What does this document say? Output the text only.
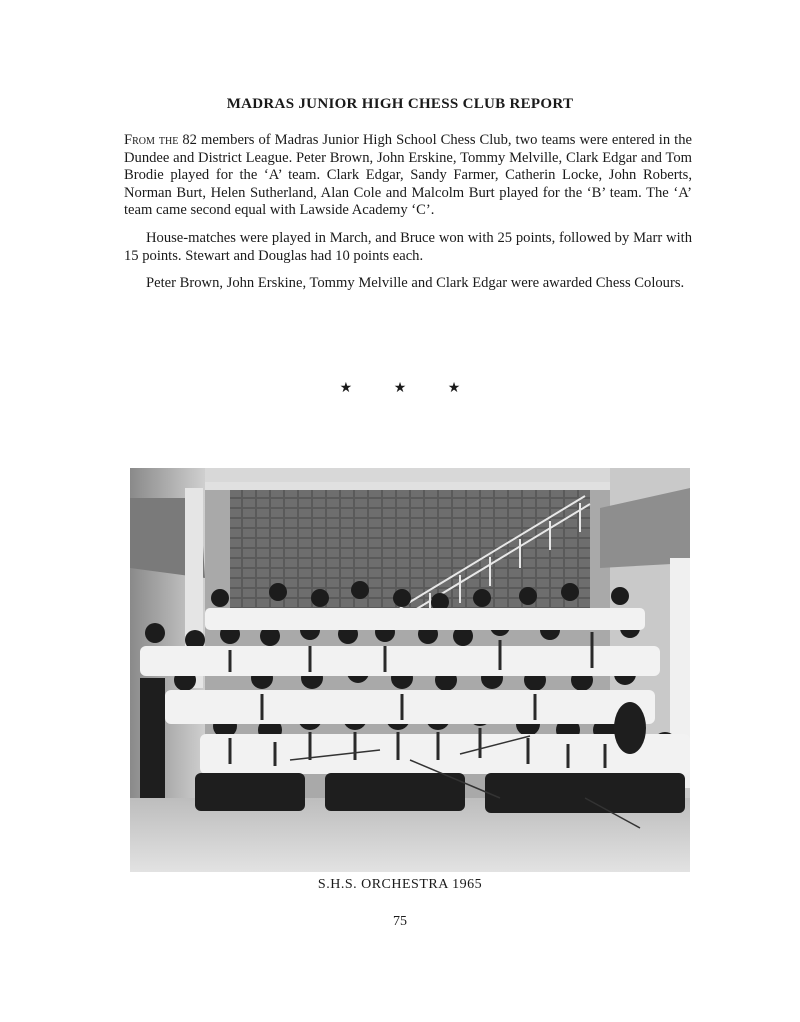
MADRAS JUNIOR HIGH CHESS CLUB REPORT

From the 82 members of Madras Junior High School Chess Club, two teams were entered in the Dundee and District League. Peter Brown, John Erskine, Tommy Melville, Clark Edgar and Tom Brodie played for the ‘A’ team. Clark Edgar, Sandy Farmer, Catherin Locke, John Roberts, Norman Burt, Helen Sutherland, Alan Cole and Malcolm Burt played for the ‘B’ team. The ‘A’ team came second equal with Lawside Academy ‘C’.

House-matches were played in March, and Bruce won with 25 points, followed by Marr with 15 points. Stewart and Douglas had 10 points each.

Peter Brown, John Erskine, Tommy Melville and Clark Edgar were awarded Chess Colours.

★	★	★
S.H.S. ORCHESTRA 1965
75
